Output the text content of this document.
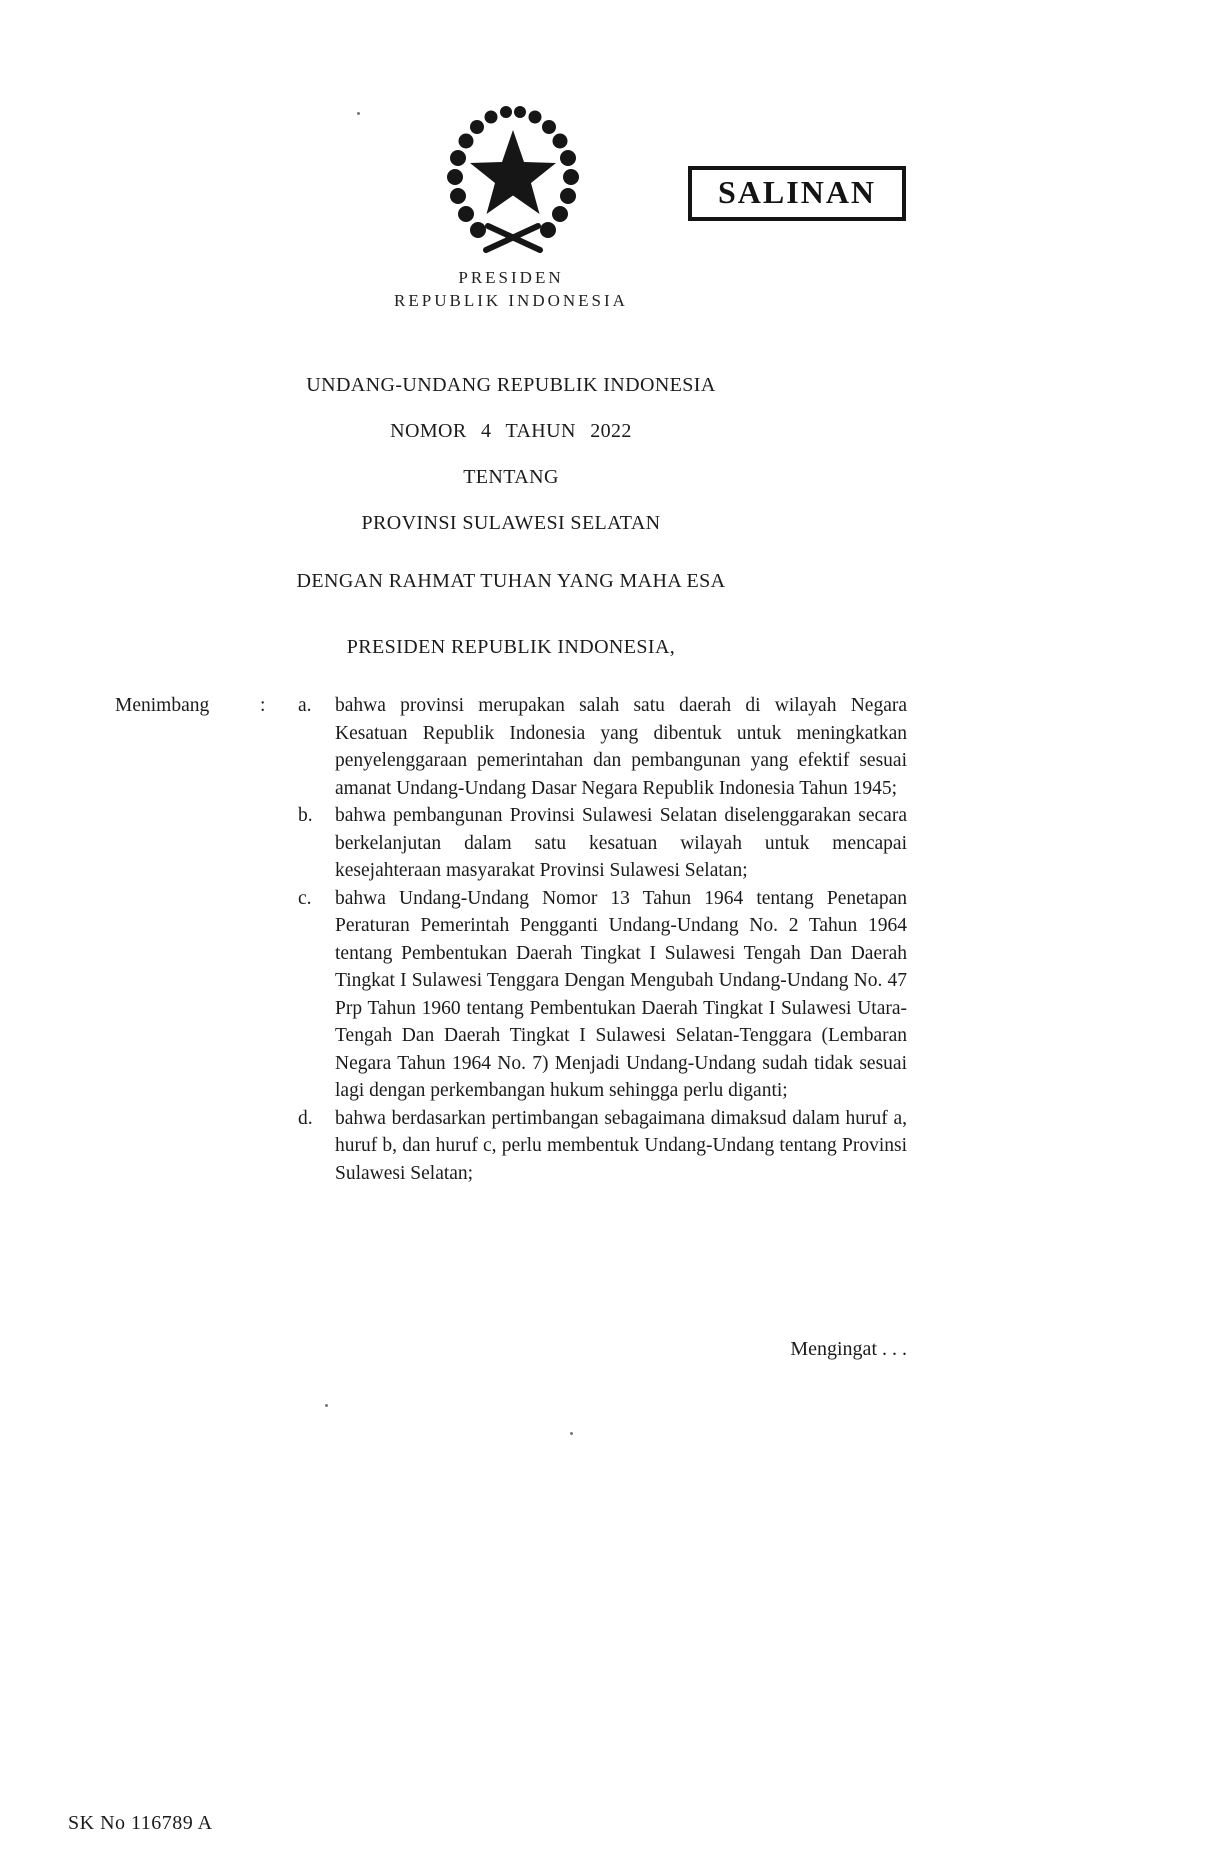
SALINAN
PRESIDEN
REPUBLIK INDONESIA
UNDANG-UNDANG REPUBLIK INDONESIA
NOMOR 4 TAHUN 2022
TENTANG
PROVINSI SULAWESI SELATAN
DENGAN RAHMAT TUHAN YANG MAHA ESA
PRESIDEN REPUBLIK INDONESIA,
Menimbang	:	a.	bahwa provinsi merupakan salah satu daerah di wilayah Negara Kesatuan Republik Indonesia yang dibentuk untuk meningkatkan penyelenggaraan pemerintahan dan pembangunan yang efektif sesuai amanat Undang-Undang Dasar Negara Republik Indonesia Tahun 1945;
b.	bahwa pembangunan Provinsi Sulawesi Selatan diselenggarakan secara berkelanjutan dalam satu kesatuan wilayah untuk mencapai kesejahteraan masyarakat Provinsi Sulawesi Selatan;
c.	bahwa Undang-Undang Nomor 13 Tahun 1964 tentang Penetapan Peraturan Pemerintah Pengganti Undang-Undang No. 2 Tahun 1964 tentang Pembentukan Daerah Tingkat I Sulawesi Tengah Dan Daerah Tingkat I Sulawesi Tenggara Dengan Mengubah Undang-Undang No. 47 Prp Tahun 1960 tentang Pembentukan Daerah Tingkat I Sulawesi Utara-Tengah Dan Daerah Tingkat I Sulawesi Selatan-Tenggara (Lembaran Negara Tahun 1964 No. 7) Menjadi Undang-Undang sudah tidak sesuai lagi dengan perkembangan hukum sehingga perlu diganti;
d.	bahwa berdasarkan pertimbangan sebagaimana dimaksud dalam huruf a, huruf b, dan huruf c, perlu membentuk Undang-Undang tentang Provinsi Sulawesi Selatan;
Mengingat . . .
SK No 116789 A
